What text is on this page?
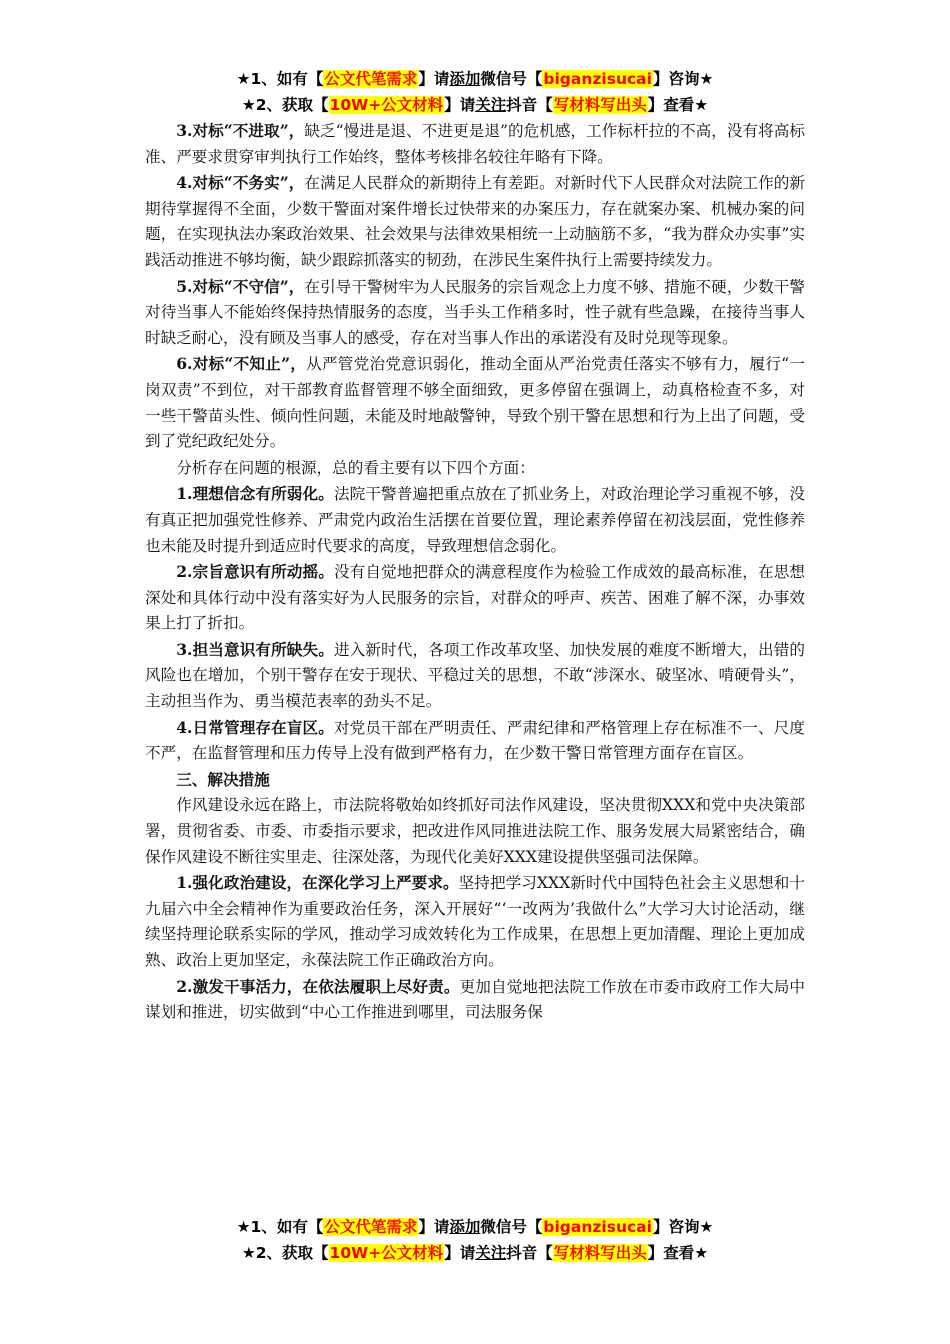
★1、如有【公文代笔需求】请添加微信号【biganzisucai】咨询★
★2、获取【10W+公文材料】请关注抖音【写材料写出头】查看★

3.对标“不进取”，缺乏“慢进是退、不进更是退”的危机感，工作标杆拉的不高，没有将高标准、严要求贯穿审判执行工作始终，整体考核排名较往年略有下降。

4.对标“不务实”，在满足人民群众的新期待上有差距。对新时代下人民群众对法院工作的新期待掌握得不全面，少数干警面对案件增长过快带来的办案压力，存在就案办案、机械办案的问题，在实现执法办案政治效果、社会效果与法律效果相统一上动脑筋不多，“我为群众办实事”实践活动推进不够均衡，缺少跟踪抓落实的韧劲，在涉民生案件执行上需要持续发力。

5.对标“不守信”，在引导干警树牢为人民服务的宗旨观念上力度不够、措施不硬，少数干警对待当事人不能始终保持热情服务的态度，当手头工作稍多时，性子就有些急躁，在接待当事人时缺乏耐心，没有顾及当事人的感受，存在对当事人作出的承诺没有及时兑现等现象。

6.对标“不知止”，从严管党治党意识弱化，推动全面从严治党责任落实不够有力，履行“一岗双责”不到位，对干部教育监督管理不够全面细致，更多停留在强调上，动真格检查不多，对一些干警苗头性、倾向性问题，未能及时地敲警钟，导致个别干警在思想和行为上出了问题，受到了党纪政纪处分。

分析存在问题的根源，总的看主要有以下四个方面：

1.理想信念有所弱化。法院干警普遍把重点放在了抓业务上，对政治理论学习重视不够，没有真正把加强党性修养、严肃党内政治生活摆在首要位置，理论素养停留在初浅层面，党性修养也未能及时提升到适应时代要求的高度，导致理想信念弱化。

2.宗旨意识有所动摇。没有自觉地把群众的满意程度作为检验工作成效的最高标准，在思想深处和具体行动中没有落实好为人民服务的宗旨，对群众的呼声、疾苦、困难了解不深，办事效果上打了折扣。

3.担当意识有所缺失。进入新时代，各项工作改革攻坚、加快发展的难度不断增大，出错的风险也在增加，个别干警存在安于现状、平稳过关的思想，不敢“涉深水、破坚冰、啃硬骨头”，主动担当作为、勇当模范表率的劲头不足。

4.日常管理存在盲区。对党员干部在严明责任、严肃纪律和严格管理上存在标准不一、尺度不严，在监督管理和压力传导上没有做到严格有力，在少数干警日常管理方面存在盲区。

三、解决措施

作风建设永远在路上，市法院将敬始如终抓好司法作风建设，坚决贯彻XXX和党中央决策部署，贯彻省委、市委、市委指示要求，把改进作风同推进法院工作、服务发展大局紧密结合，确保作风建设不断往实里走、往深处落，为现代化美好XXX建设提供坚强司法保障。

1.强化政治建设，在深化学习上严要求。坚持把学习XXX新时代中国特色社会主义思想和十九届六中全会精神作为重要政治任务，深入开展好“‘一改两为’我做什么”大学习大讨论活动，继续坚持理论联系实际的学风，推动学习成效转化为工作成果，在思想上更加清醒、理论上更加成熟、政治上更加坚定，永葆法院工作正确政治方向。

2.激发干事活力，在依法履职上尽好责。更加自觉地把法院工作放在市委市政府工作大局中谋划和推进，切实做到“中心工作推进到哪里，司法服务保

★1、如有【公文代笔需求】请添加微信号【biganzisucai】咨询★
★2、获取【10W+公文材料】请关注抖音【写材料写出头】查看★
